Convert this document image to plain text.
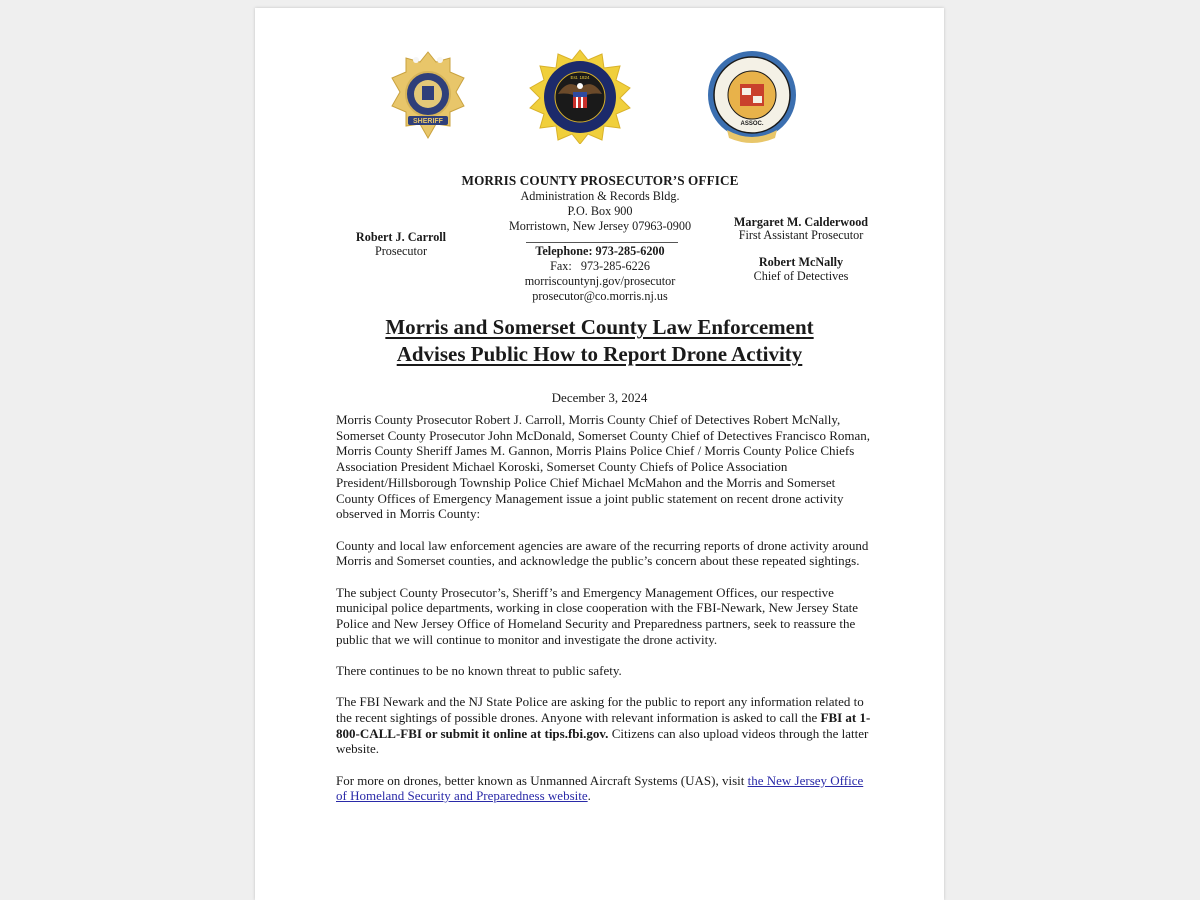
SHERIFF
Est. 1824
ASSOC.
MORRIS COUNTY PROSECUTOR’S OFFICE
Administration & Records Bldg.
P.O. Box 900
Morristown, New Jersey 07963-0900
Telephone: 973-285-6200
Fax:   973-285-6226
morriscountynj.gov/prosecutor
prosecutor@co.morris.nj.us
Robert J. Carroll
Prosecutor
Margaret M. Calderwood
First Assistant Prosecutor
Robert McNally
Chief of Detectives
Morris and Somerset County Law Enforcement
Advises Public How to Report Drone Activity
December 3, 2024

Morris County Prosecutor Robert J. Carroll, Morris County Chief of Detectives Robert McNally, Somerset County Prosecutor John McDonald, Somerset County Chief of Detectives Francisco Roman, Morris County Sheriff James M. Gannon, Morris Plains Police Chief / Morris County Police Chiefs Association President Michael Koroski, Somerset County Chiefs of Police Association President/Hillsborough Township Police Chief Michael McMahon and the Morris and Somerset County Offices of Emergency Management issue a joint public statement on recent drone activity observed in Morris County:

County and local law enforcement agencies are aware of the recurring reports of drone activity around Morris and Somerset counties, and acknowledge the public’s concern about these repeated sightings.

The subject County Prosecutor’s, Sheriff’s and Emergency Management Offices, our respective municipal police departments, working in close cooperation with the FBI-Newark, New Jersey State Police and New Jersey Office of Homeland Security and Preparedness partners, seek to reassure the public that we will continue to monitor and investigate the drone activity.

There continues to be no known threat to public safety.

The FBI Newark and the NJ State Police are asking for the public to report any information related to the recent sightings of possible drones. Anyone with relevant information is asked to call the FBI at 1-800-CALL-FBI or submit it online at tips.fbi.gov. Citizens can also upload videos through the latter website.

For more on drones, better known as Unmanned Aircraft Systems (UAS), visit the New Jersey Office of Homeland Security and Preparedness website.
